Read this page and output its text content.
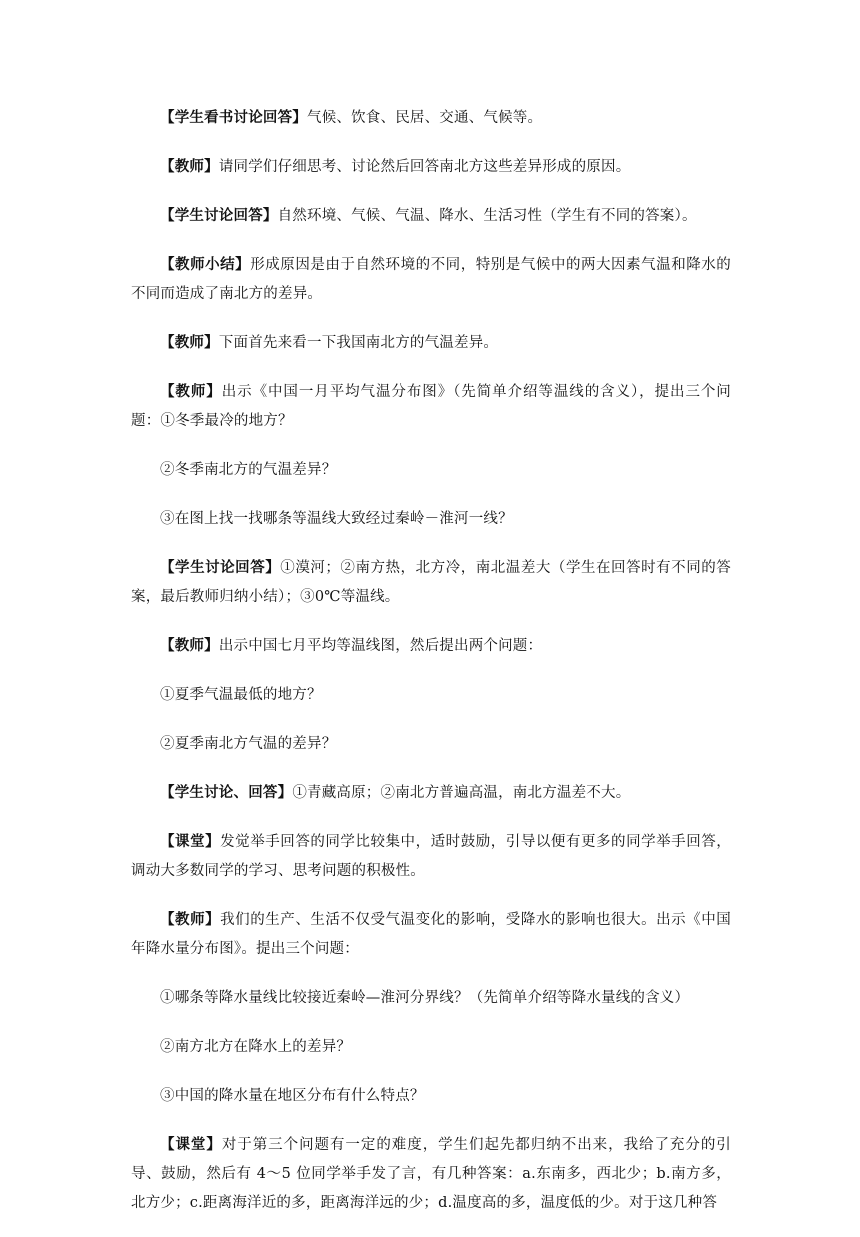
【学生看书讨论回答】气候、饮食、民居、交通、气候等。

【教师】请同学们仔细思考、讨论然后回答南北方这些差异形成的原因。

【学生讨论回答】自然环境、气候、气温、降水、生活习性（学生有不同的答案）。

【教师小结】形成原因是由于自然环境的不同，特别是气候中的两大因素气温和降水的不同而造成了南北方的差异。

【教师】下面首先来看一下我国南北方的气温差异。

【教师】出示《中国一月平均气温分布图》（先简单介绍等温线的含义），提出三个问题：①冬季最冷的地方？

②冬季南北方的气温差异？

③在图上找一找哪条等温线大致经过秦岭－淮河一线？

【学生讨论回答】①漠河；②南方热，北方冷，南北温差大（学生在回答时有不同的答案，最后教师归纳小结）；③0℃等温线。

【教师】出示中国七月平均等温线图，然后提出两个问题：

①夏季气温最低的地方？

②夏季南北方气温的差异？

【学生讨论、回答】①青藏高原；②南北方普遍高温，南北方温差不大。

【课堂】发觉举手回答的同学比较集中，适时鼓励，引导以便有更多的同学举手回答，调动大多数同学的学习、思考问题的积极性。

【教师】我们的生产、生活不仅受气温变化的影响，受降水的影响也很大。出示《中国年降水量分布图》。提出三个问题：

①哪条等降水量线比较接近秦岭—淮河分界线？（先简单介绍等降水量线的含义）

②南方北方在降水上的差异？

③中国的降水量在地区分布有什么特点？

【课堂】对于第三个问题有一定的难度，学生们起先都归纳不出来，我给了充分的引导、鼓励，然后有 4～5 位同学举手发了言，有几种答案：a.东南多，西北少；b.南方多，北方少；c.距离海洋近的多，距离海洋远的少；d.温度高的多，温度低的少。对于这几种答
